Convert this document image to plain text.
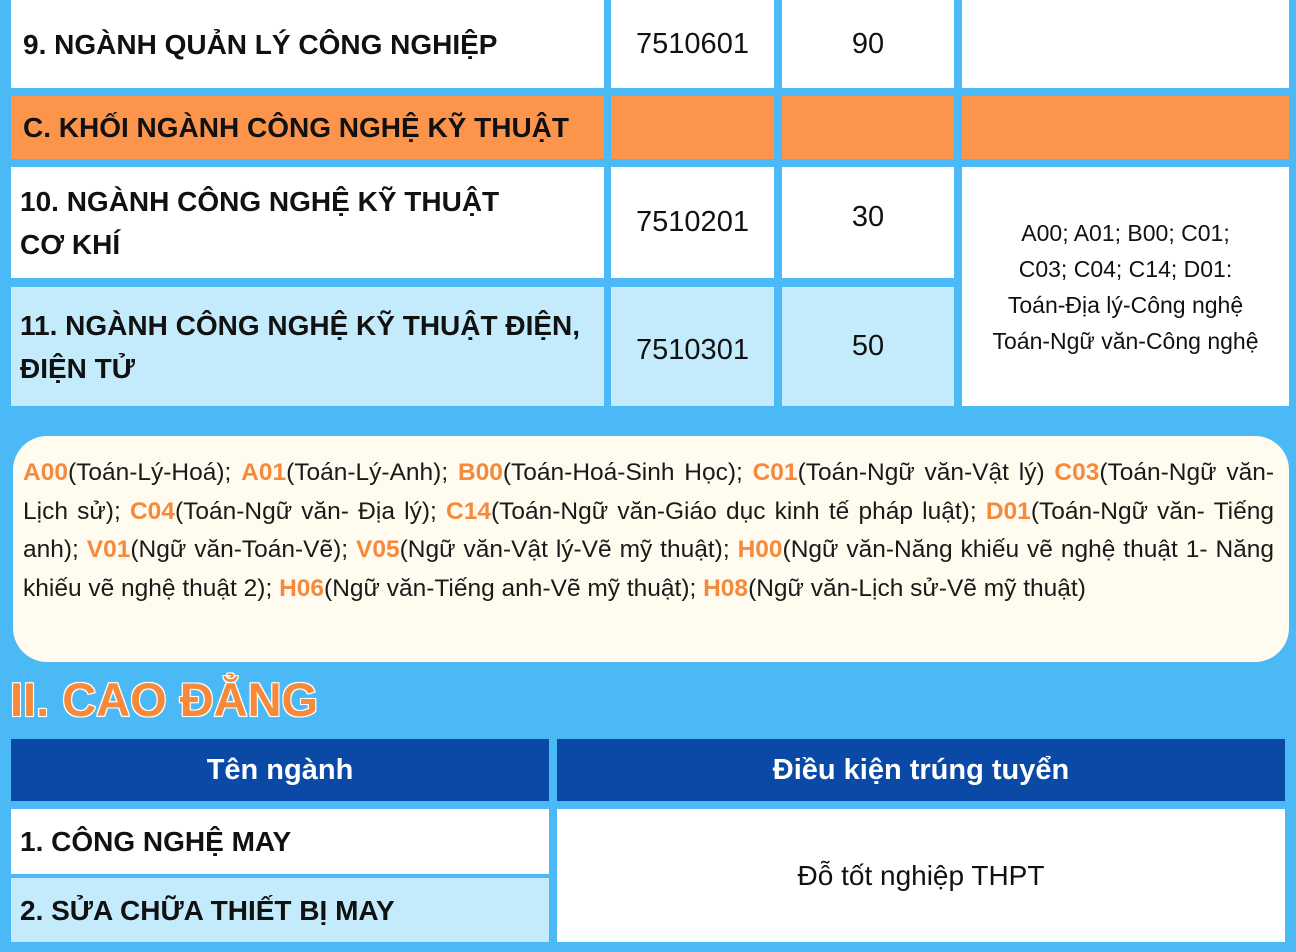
9. NGÀNH QUẢN LÝ CÔNG NGHIỆP	7510601	90
C. KHỐI NGÀNH CÔNG NGHỆ KỸ THUẬT
10. NGÀNH CÔNG NGHỆ KỸ THUẬT
CƠ KHÍ
7510201	30
11. NGÀNH CÔNG NGHỆ KỸ THUẬT ĐIỆN,
ĐIỆN TỬ
7510301	50
A00; A01; B00; C01;
C03; C04; C14; D01:
Toán-Địa lý-Công nghệ
Toán-Ngữ văn-Công nghệ
A00(Toán-Lý-Hoá); A01(Toán-Lý-Anh); B00(Toán-Hoá-Sinh Học); C01(Toán-Ngữ văn-Vật lý) C03(Toán-Ngữ văn-Lịch sử); C04(Toán-Ngữ văn- Địa lý); C14(Toán-Ngữ văn-Giáo dục kinh tế pháp luật); D01(Toán-Ngữ văn- Tiếng anh); V01(Ngữ văn-Toán-Vẽ); V05(Ngữ văn-Vật lý-Vẽ mỹ thuật); H00(Ngữ văn-Năng khiếu vẽ nghệ thuật 1- Năng khiếu vẽ nghệ thuật 2); H06(Ngữ văn-Tiếng anh-Vẽ mỹ thuật); H08(Ngữ văn-Lịch sử-Vẽ mỹ thuật)
II. CAO ĐẲNG
Tên ngành	Điều kiện trúng tuyển
1. CÔNG NGHỆ MAY
2. SỬA CHỮA THIẾT BỊ MAY
Đỗ tốt nghiệp THPT
